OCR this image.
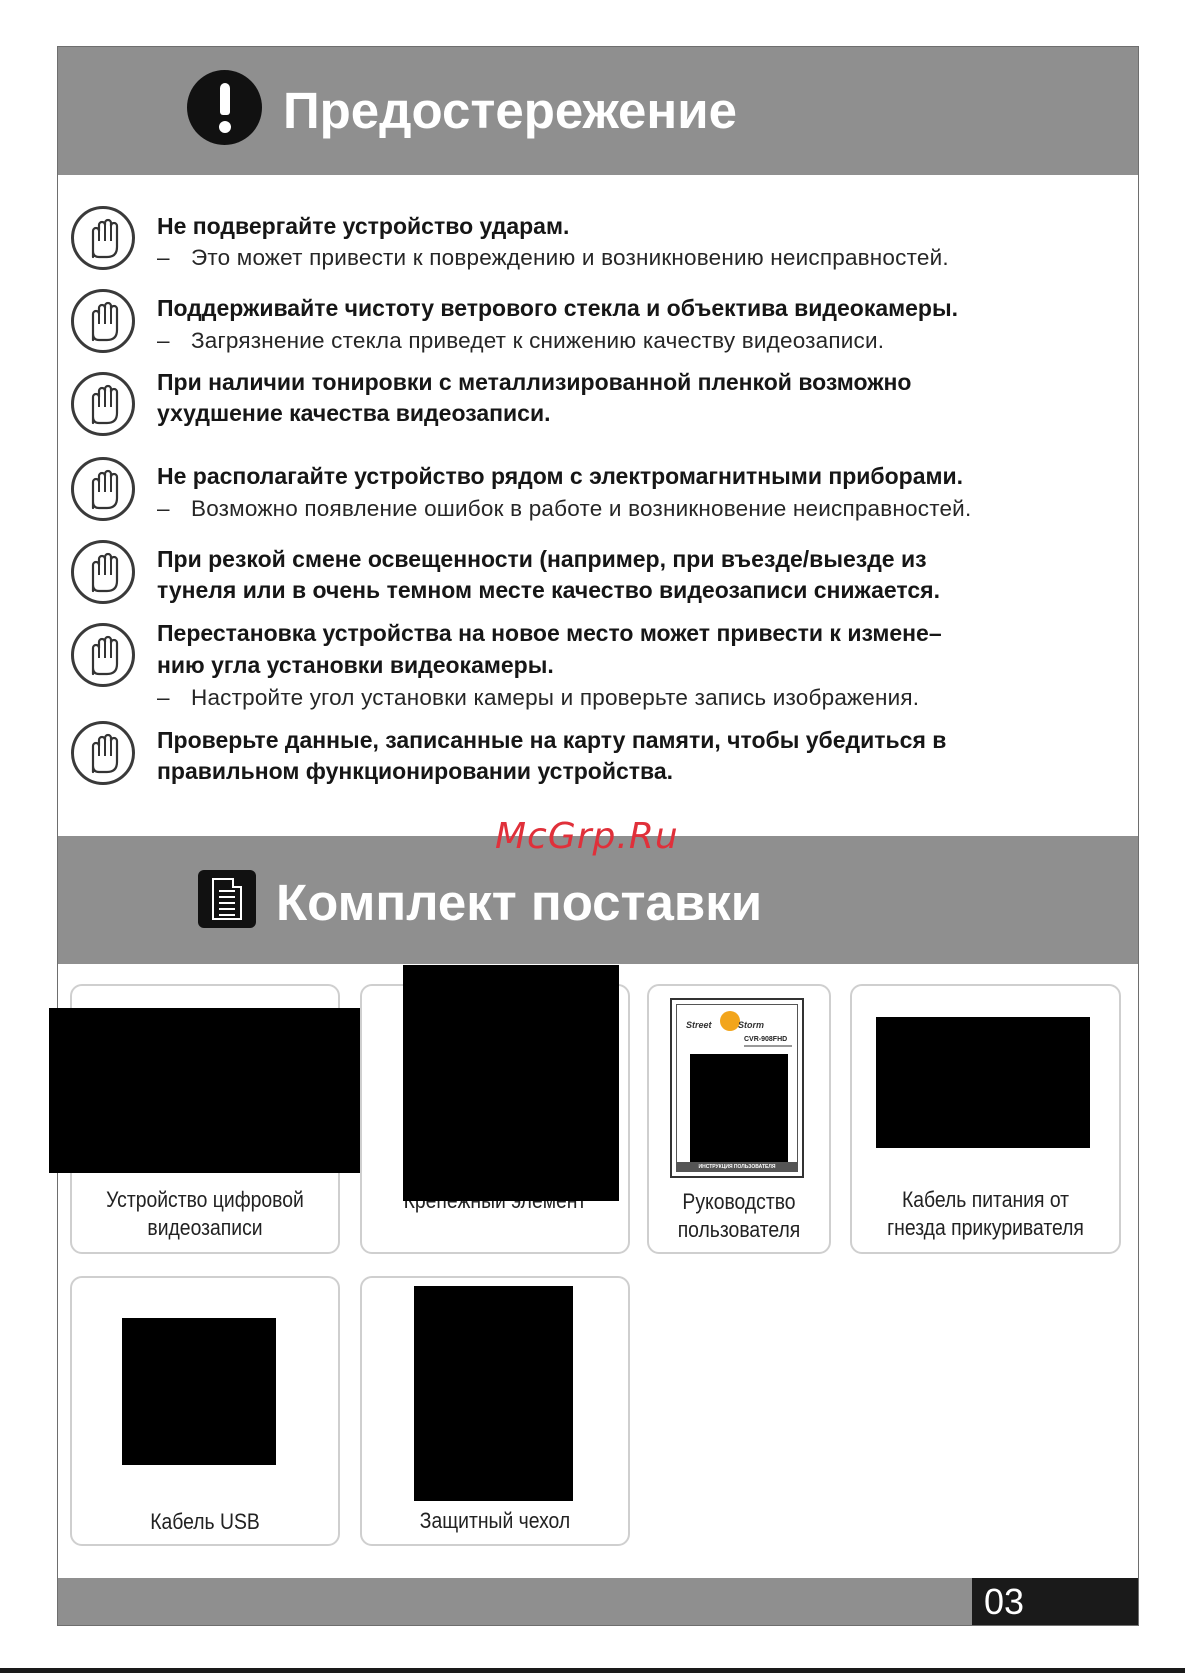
Предостережение
Не подвергайте устройство ударам.
– Это может привести к повреждению и возникновению неисправностей.
Поддерживайте чистоту ветрового стекла и объектива видеокамеры.
– Загрязнение стекла приведет к снижению качеству видеозаписи.
При наличии тонировки с металлизированной пленкой возможно
ухудшение качества видеозаписи.
Не располагайте устройство рядом с электромагнитными приборами.
– Возможно появление ошибок в работе и возникновение неисправностей.
При резкой смене освещенности (например, при въезде/выезде из
тунеля или в очень темном месте качество видеозаписи снижается.
Перестановка устройства на новое место может привести к измене–
нию угла установки видеокамеры.
– Настройте угол установки камеры и проверьте запись изображения.
Проверьте данные, записанные на карту памяти, чтобы убедиться в
правильном функционировании устройства.
McGrp.Ru
Комплект поставки
Устройство цифровой
видеозаписи
Street	Storm
CVR-908FHD
ИНСТРУКЦИЯ ПОЛЬЗОВАТЕЛЯ
Руководство
пользователя
Кабель питания от
гнезда прикуривателя
Кабель USB	Защитный чехол
03
